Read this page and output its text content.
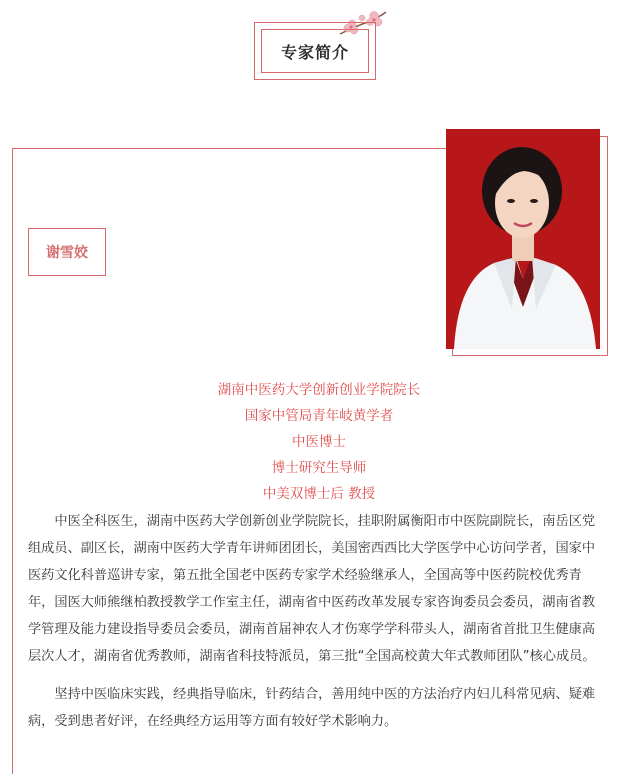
专家简介
谢雪姣
湖南中医药大学创新创业学院院长
国家中管局青年岐黄学者
中医博士
博士研究生导师
中美双博士后 教授

中医全科医生，湖南中医药大学创新创业学院院长，挂职附属衡阳市中医院副院长，南岳区党组成员、副区长，湖南中医药大学青年讲师团团长，美国密西西比大学医学中心访问学者，国家中医药文化科普巡讲专家，第五批全国老中医药专家学术经验继承人，全国高等中医药院校优秀青年，国医大师熊继柏教授教学工作室主任，湖南省中医药改革发展专家咨询委员会委员，湖南省教学管理及能力建设指导委员会委员，湖南首届神农人才伤寒学学科带头人，湖南省首批卫生健康高层次人才，湖南省优秀教师，湖南省科技特派员，第三批“全国高校黄大年式教师团队”核心成员。

坚持中医临床实践，经典指导临床，针药结合，善用纯中医的方法治疗内妇儿科常见病、疑难病，受到患者好评，在经典经方运用等方面有较好学术影响力。
